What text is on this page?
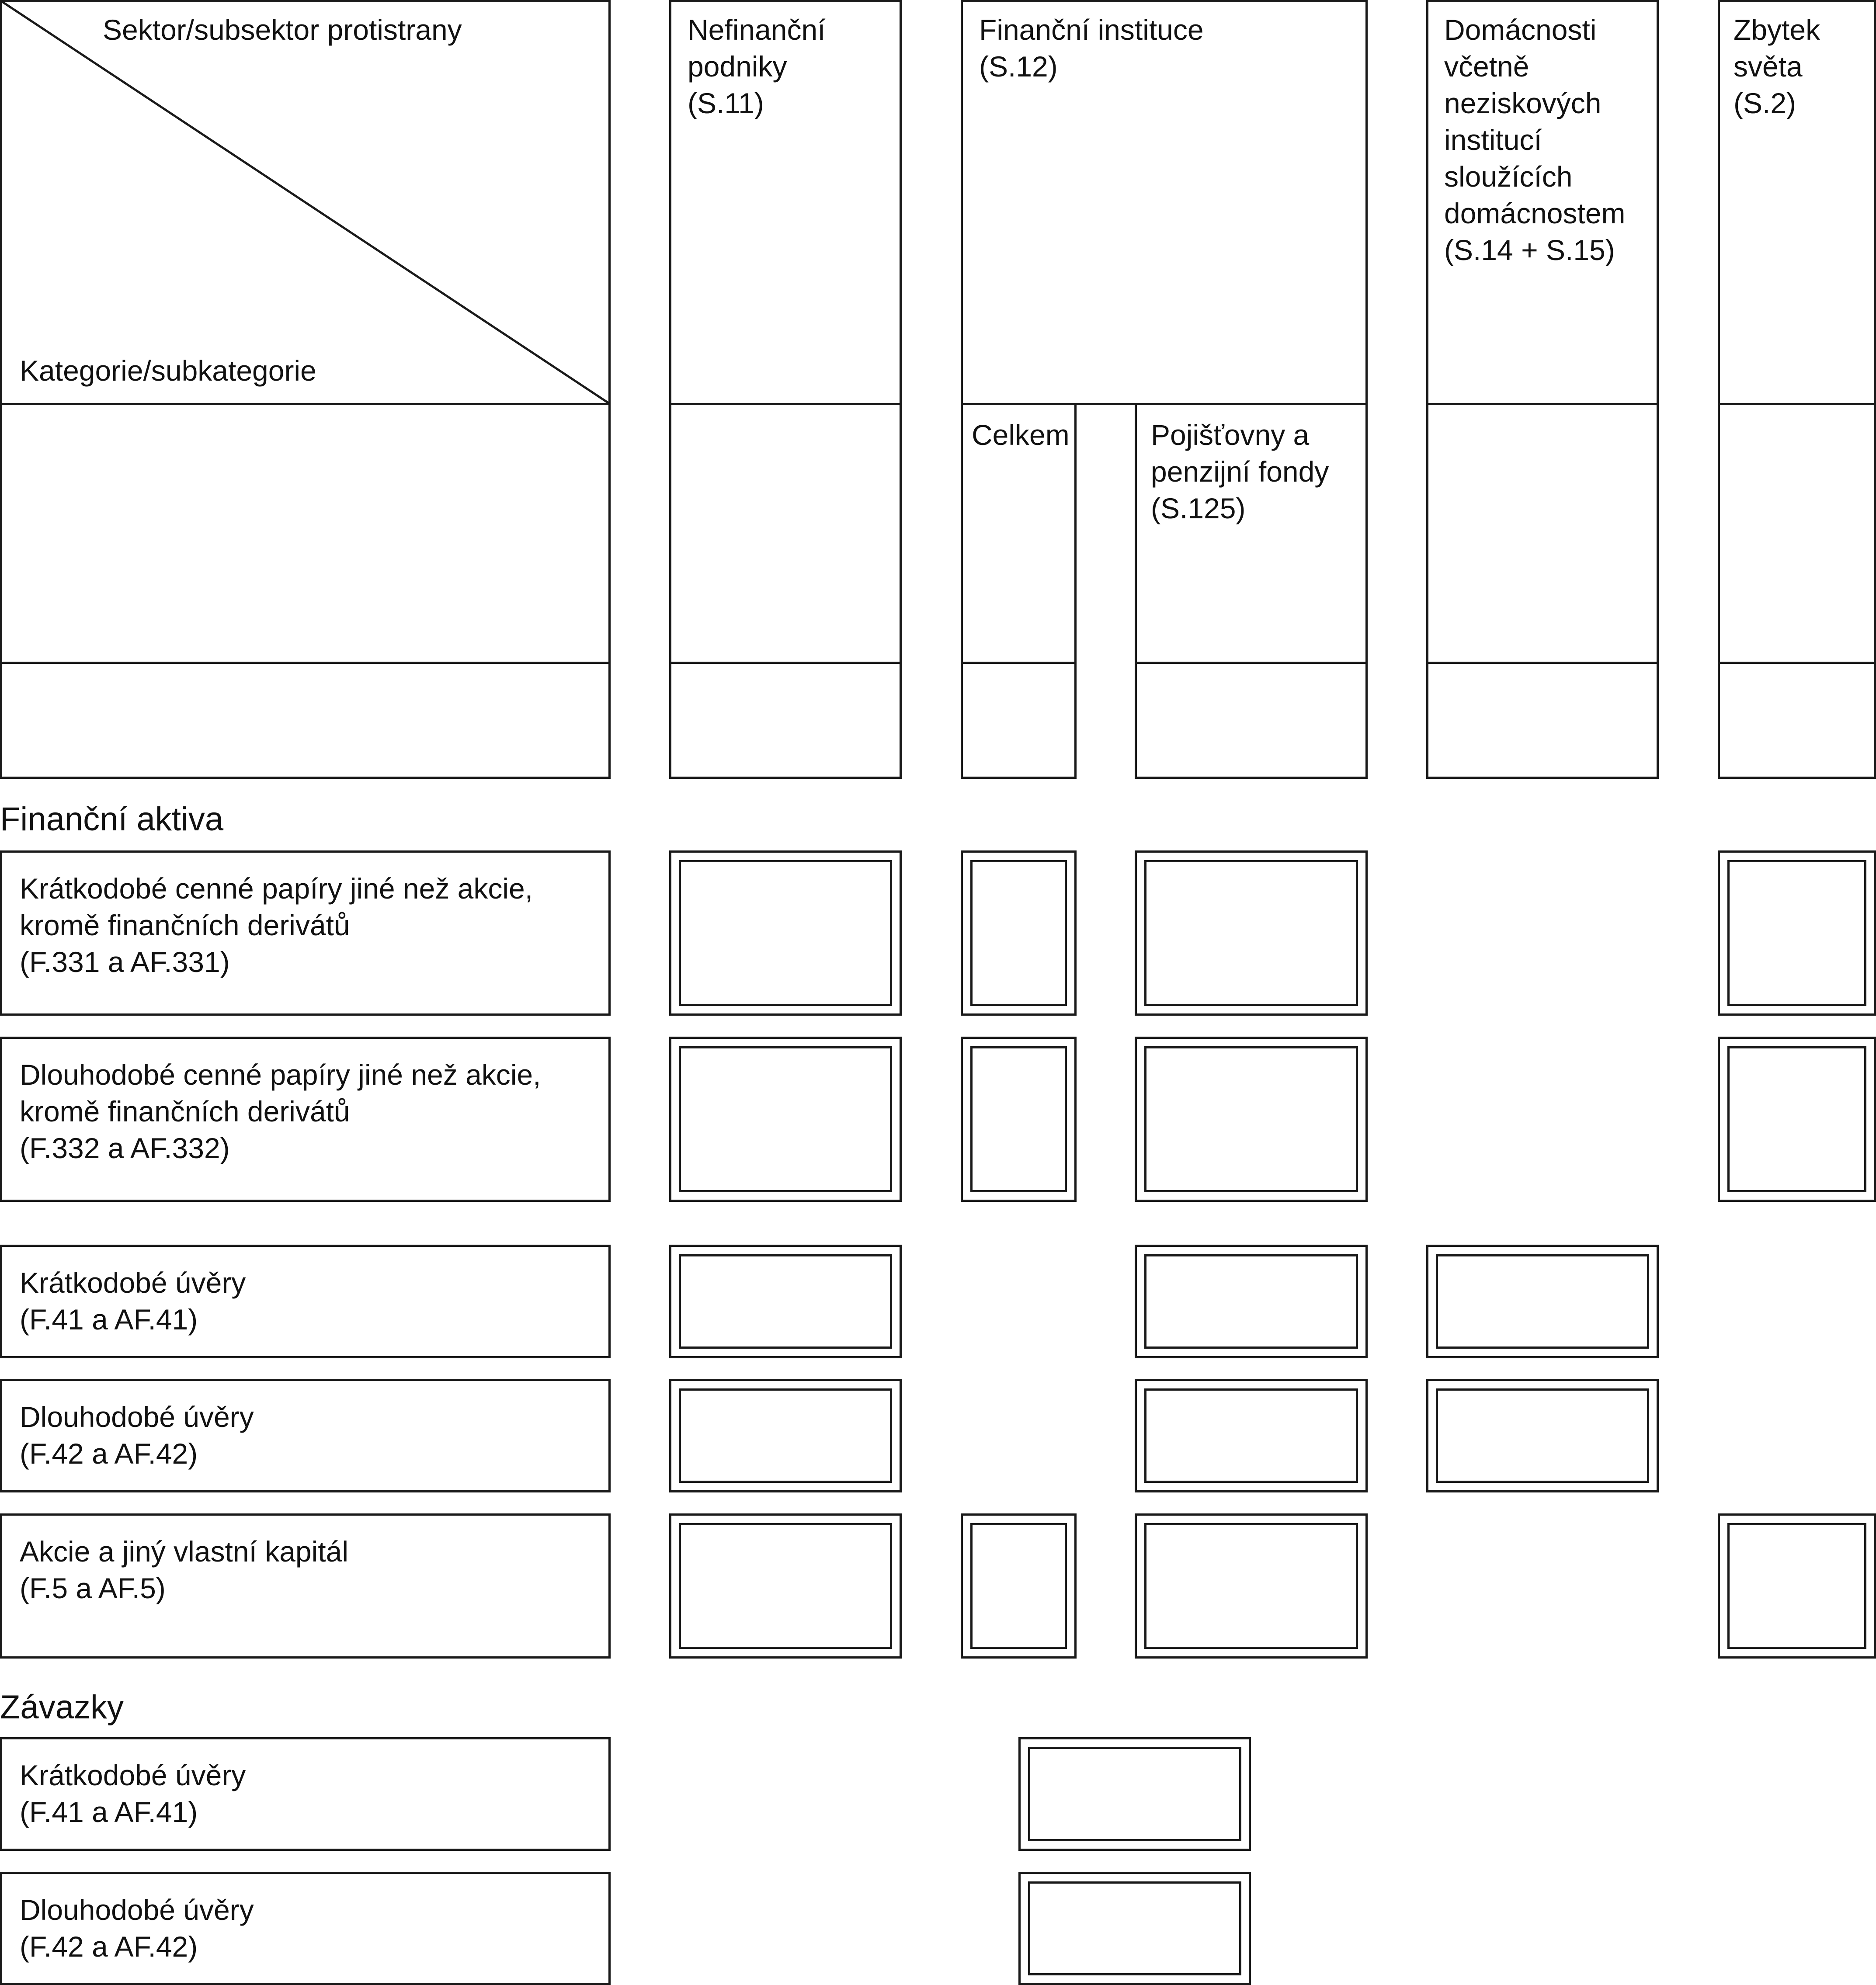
Sektor/subsektor protistrany
Kategorie/subkategorie
Nefinanční
podniky
(S.11)
Finanční instituce
(S.12)
Celkem	Pojišťovny a
penzijní fondy
(S.125)
Domácnosti
včetně
neziskových
institucí
sloužících
domácnostem
(S.14 + S.15)
Zbytek
světa
(S.2)
Finanční aktiva
Krátkodobé cenné papíry jiné než akcie,
kromě finančních derivátů
(F.331 a AF.331)
Dlouhodobé cenné papíry jiné než akcie,
kromě finančních derivátů
(F.332 a AF.332)
Krátkodobé úvěry
(F.41 a AF.41)
Dlouhodobé úvěry
(F.42 a AF.42)
Akcie a jiný vlastní kapitál
(F.5 a AF.5)
Závazky
Krátkodobé úvěry
(F.41 a AF.41)
Dlouhodobé úvěry
(F.42 a AF.42)
